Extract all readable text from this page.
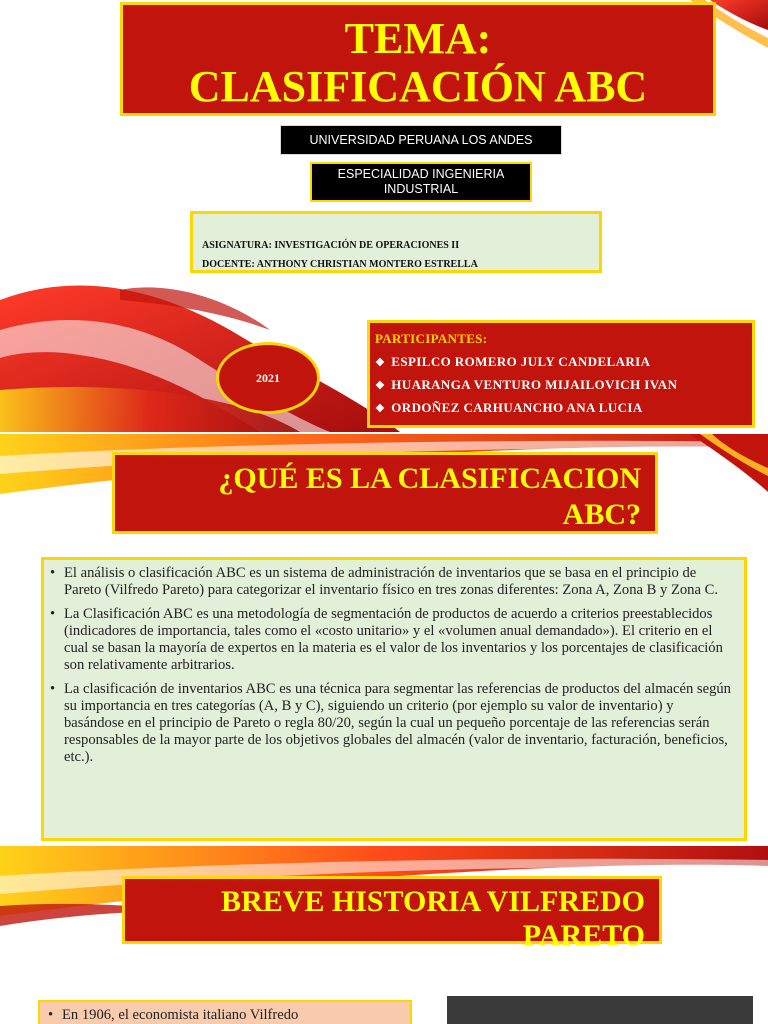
TEMA:
CLASIFICACIÓN ABC
UNIVERSIDAD PERUANA LOS ANDES
ESPECIALIDAD INGENIERIA
INDUSTRIAL
ASIGNATURA: INVESTIGACIÓN DE OPERACIONES II
DOCENTE: ANTHONY CHRISTIAN MONTERO ESTRELLA
2021
PARTICIPANTES:
❖ ESPILCO ROMERO JULY CANDELARIA
❖ HUARANGA VENTURO MIJAILOVICH IVAN
❖ ORDOÑEZ CARHUANCHO ANA LUCIA
¿QUÉ ES LA CLASIFICACION
ABC?
• El análisis o clasificación ABC es un sistema de administración de inventarios que se basa en el principio de Pareto (Vilfredo Pareto) para categorizar el inventario físico en tres zonas diferentes: Zona A, Zona B y Zona C.
• La Clasificación ABC es una metodología de segmentación de productos de acuerdo a criterios preestablecidos (indicadores de importancia, tales como el «costo unitario» y el «volumen anual demandado»). El criterio en el cual se basan la mayoría de expertos en la materia es el valor de los inventarios y los porcentajes de clasificación son relativamente arbitrarios.
• La clasificación de inventarios ABC es una técnica para segmentar las referencias de productos del almacén según su importancia en tres categorías (A, B y C), siguiendo un criterio (por ejemplo su valor de inventario) y basándose en el principio de Pareto o regla 80/20, según la cual un pequeño porcentaje de las referencias serán responsables de la mayor parte de los objetivos globales del almacén (valor de inventario, facturación, beneficios, etc.).
BREVE HISTORIA VILFREDO
PARETO
• En 1906, el economista italiano Vilfredo
